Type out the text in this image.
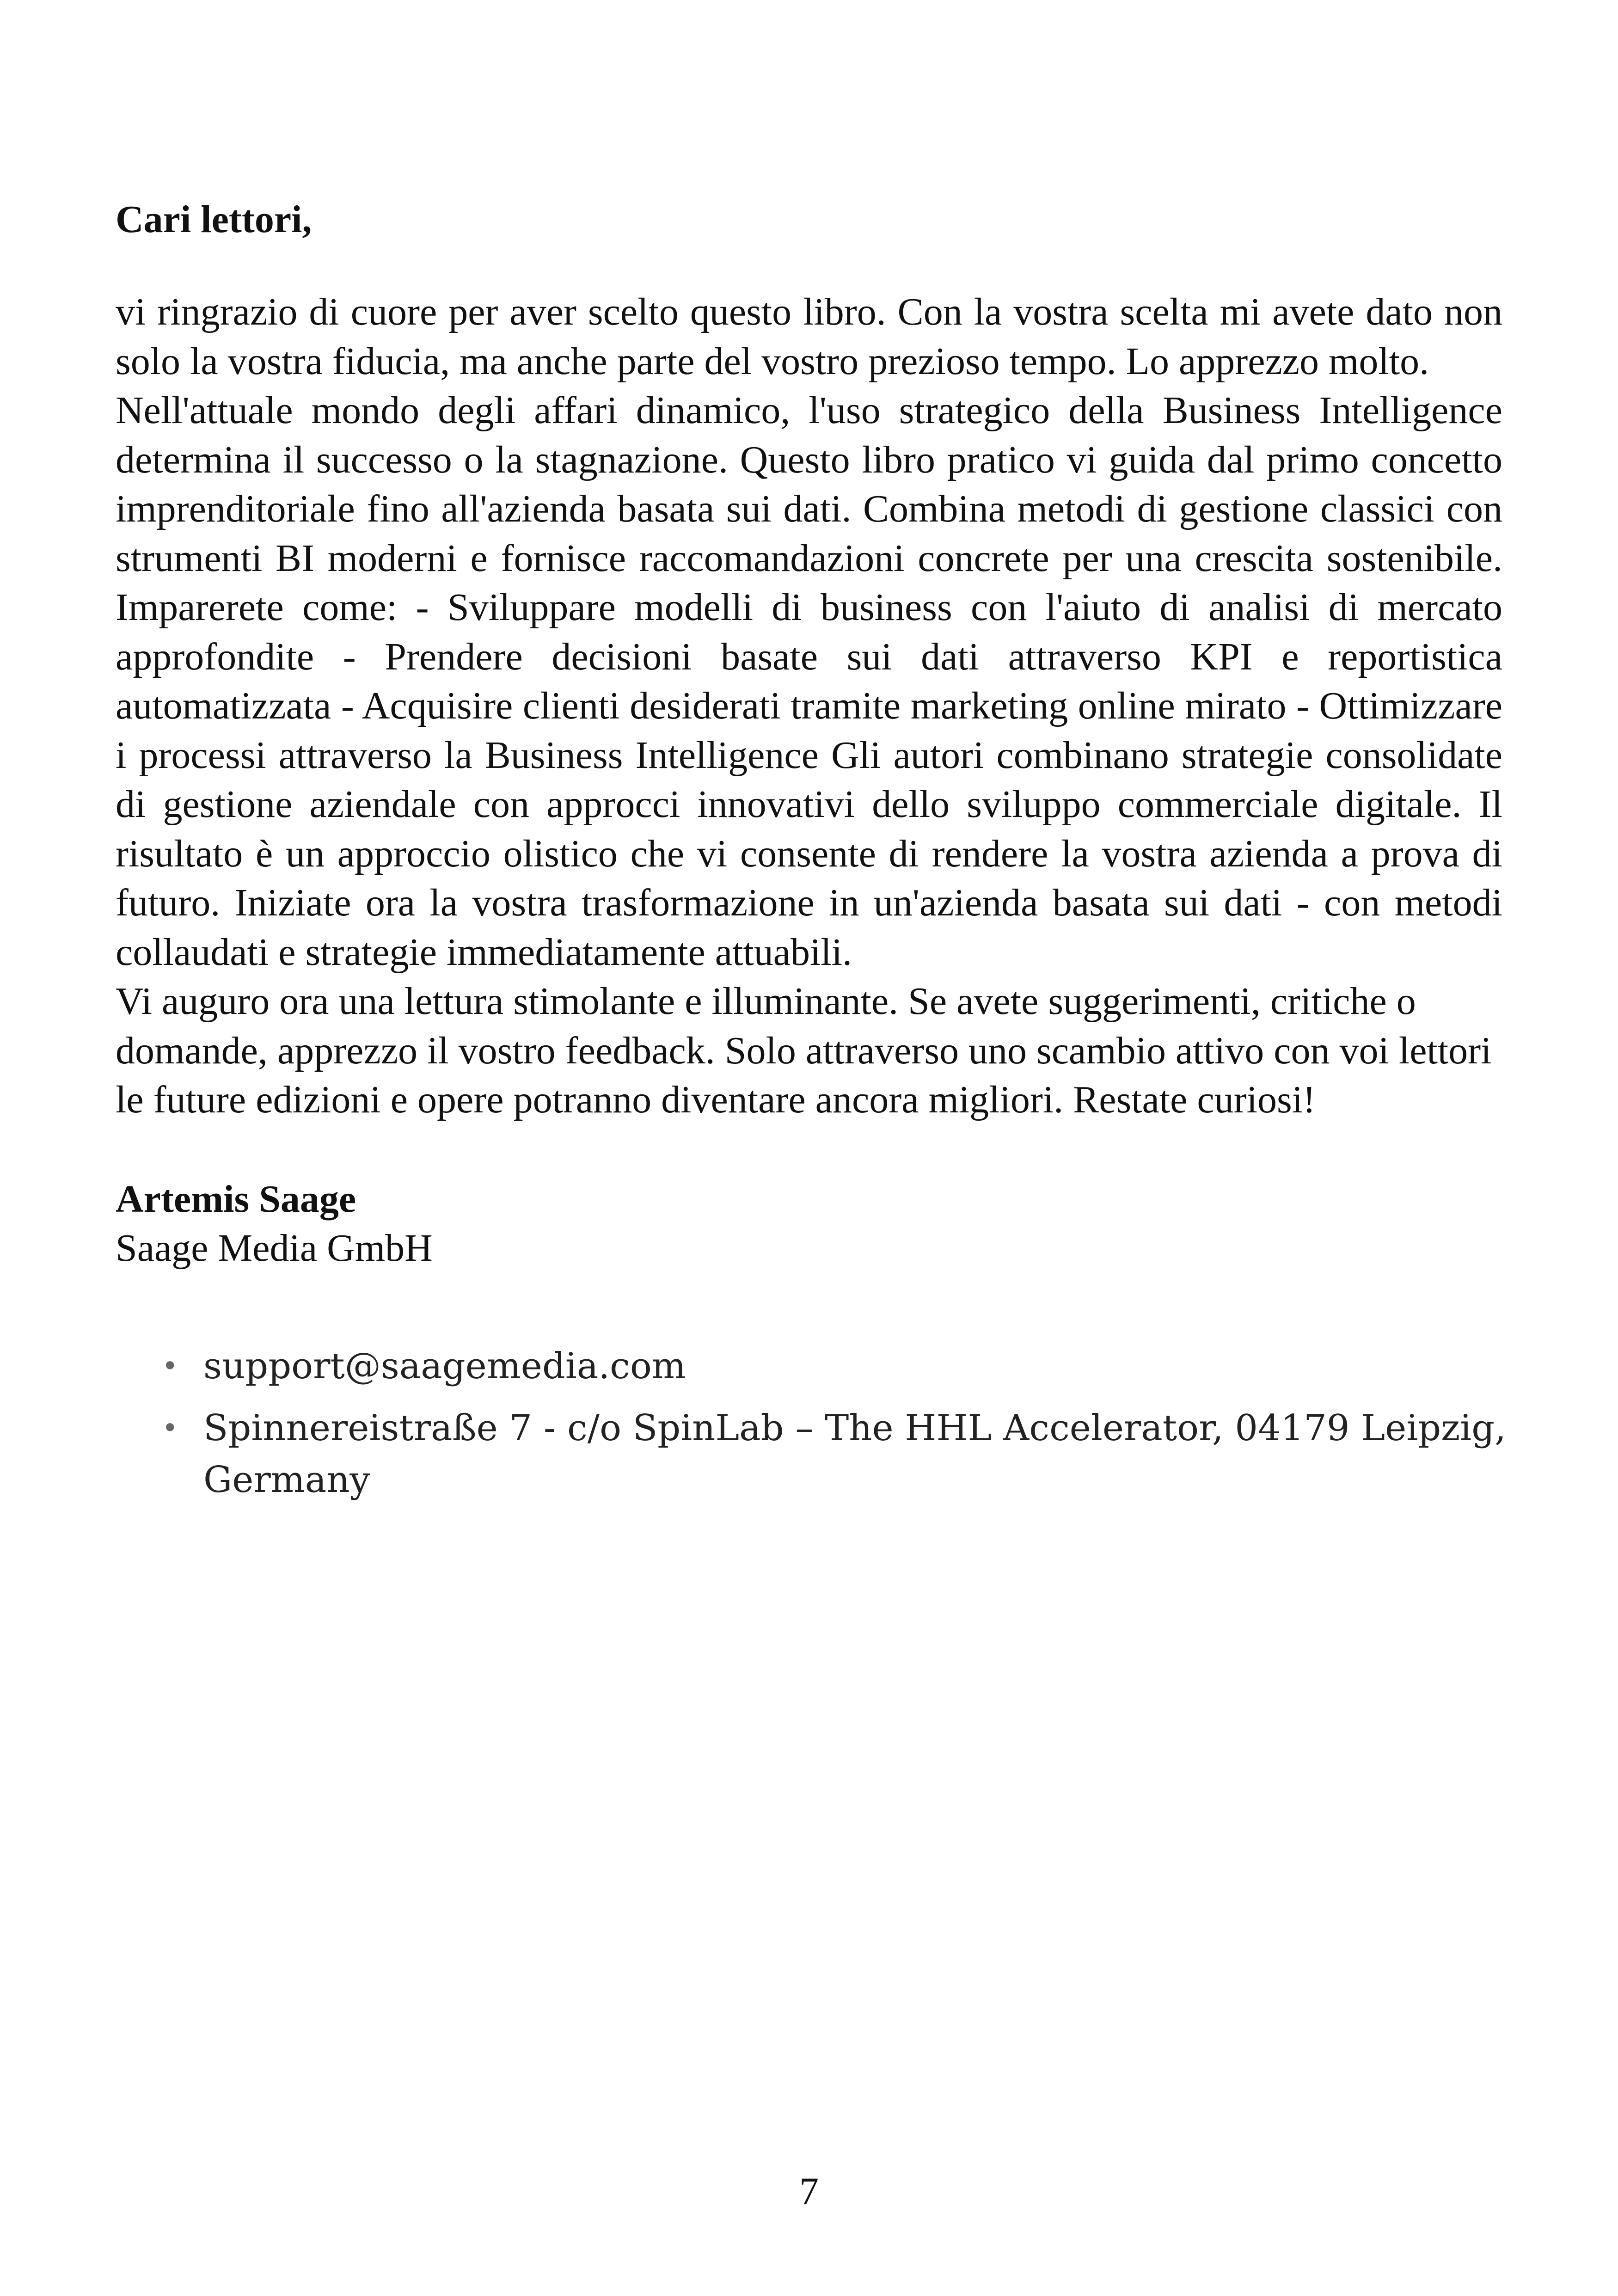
Cari lettori,

vi ringrazio di cuore per aver scelto questo libro. Con la vostra scelta mi avete dato non solo la vostra fiducia, ma anche parte del vostro prezioso tempo. Lo apprezzo molto.

Nell'attuale mondo degli affari dinamico, l'uso strategico della Business Intelligence determina il successo o la stagnazione. Questo libro pratico vi guida dal primo concetto imprenditoriale fino all'azienda basata sui dati. Combina metodi di gestione classici con strumenti BI moderni e fornisce raccomandazioni concrete per una crescita sostenibile. Imparerete come: - Sviluppare modelli di business con l'aiuto di analisi di mercato approfondite - Prendere decisioni basate sui dati attraverso KPI e reportistica automatizzata - Acquisire clienti desiderati tramite marketing online mirato - Ottimizzare i processi attraverso la Business Intelligence Gli autori combinano strategie consolidate di gestione aziendale con approcci innovativi dello sviluppo commerciale digitale. Il risultato è un approccio olistico che vi consente di rendere la vostra azienda a prova di futuro. Iniziate ora la vostra trasformazione in un'azienda basata sui dati - con metodi collaudati e strategie immediatamente attuabili.

Vi auguro ora una lettura stimolante e illuminante. Se avete suggerimenti, critiche o domande, apprezzo il vostro feedback. Solo attraverso uno scambio attivo con voi lettori le future edizioni e opere potranno diventare ancora migliori. Restate curiosi!

Artemis Saage
Saage Media GmbH
• support@saagemedia.com
• Spinnereistraße 7 - c/o SpinLab – The HHL Accelerator, 04179 Leipzig, Germany
7
